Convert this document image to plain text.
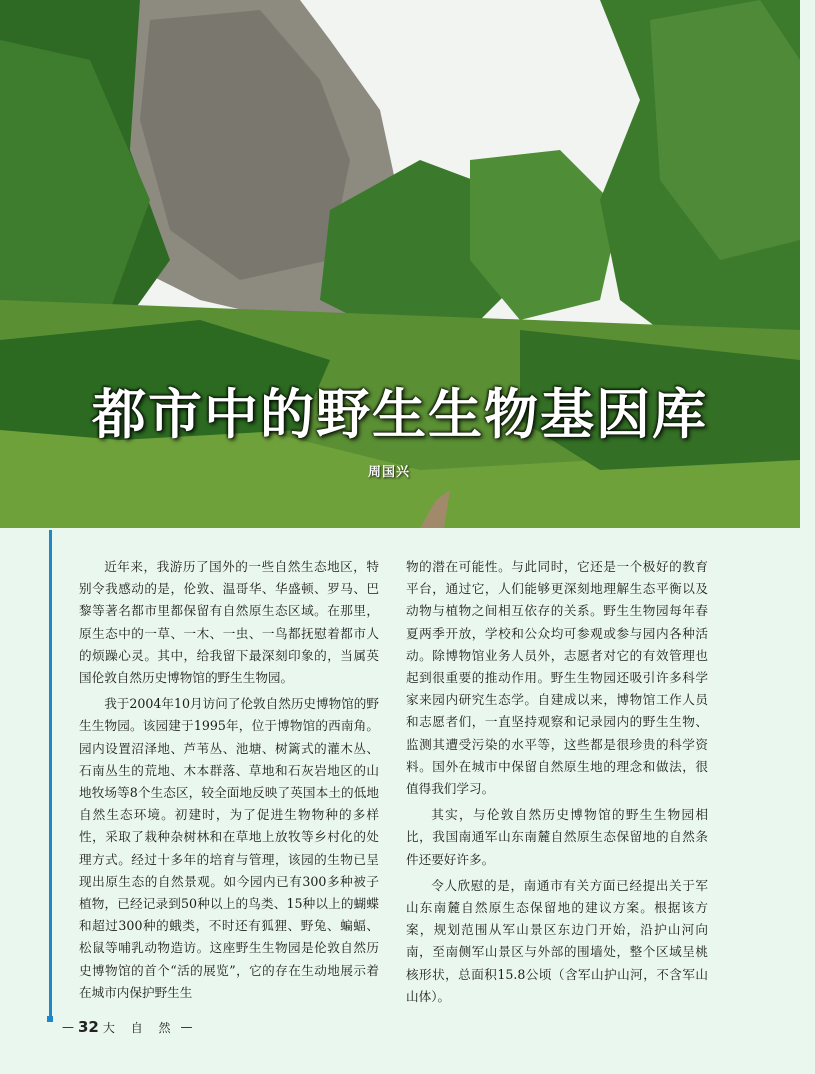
都市中的野生生物基因库
周国兴

近年来，我游历了国外的一些自然生态地区，特别令我感动的是，伦敦、温哥华、华盛顿、罗马、巴黎等著名都市里都保留有自然原生态区域。在那里，原生态中的一草、一木、一虫、一鸟都抚慰着都市人的烦躁心灵。其中，给我留下最深刻印象的，当属英国伦敦自然历史博物馆的野生生物园。

我于2004年10月访问了伦敦自然历史博物馆的野生生物园。该园建于1995年，位于博物馆的西南角。园内设置沼泽地、芦苇丛、池塘、树篱式的灌木丛、石南丛生的荒地、木本群落、草地和石灰岩地区的山地牧场等8个生态区，较全面地反映了英国本土的低地自然生态环境。初建时，为了促进生物物种的多样性，采取了栽种杂树林和在草地上放牧等乡村化的处理方式。经过十多年的培育与管理，该园的生物已呈现出原生态的自然景观。如今园内已有300多种被子植物，已经记录到50种以上的鸟类、15种以上的蝴蝶和超过300种的蛾类，不时还有狐狸、野兔、蝙蝠、松鼠等哺乳动物造访。这座野生生物园是伦敦自然历史博物馆的首个“活的展览”，它的存在生动地展示着在城市内保护野生生

物的潜在可能性。与此同时，它还是一个极好的教育平台，通过它，人们能够更深刻地理解生态平衡以及动物与植物之间相互依存的关系。野生生物园每年春夏两季开放，学校和公众均可参观或参与园内各种活动。除博物馆业务人员外，志愿者对它的有效管理也起到很重要的推动作用。野生生物园还吸引许多科学家来园内研究生态学。自建成以来，博物馆工作人员和志愿者们，一直坚持观察和记录园内的野生生物、监测其遭受污染的水平等，这些都是很珍贵的科学资料。国外在城市中保留自然原生地的理念和做法，很值得我们学习。

其实，与伦敦自然历史博物馆的野生生物园相比，我国南通军山东南麓自然原生态保留地的自然条件还要好许多。

令人欣慰的是，南通市有关方面已经提出关于军山东南麓自然原生态保留地的建议方案。根据该方案，规划范围从军山景区东边门开始，沿护山河向南，至南侧军山景区与外部的围墙处，整个区域呈桃核形状，总面积15.8公顷（含军山护山河，不含军山山体）。

— 32 大 自 然 —
